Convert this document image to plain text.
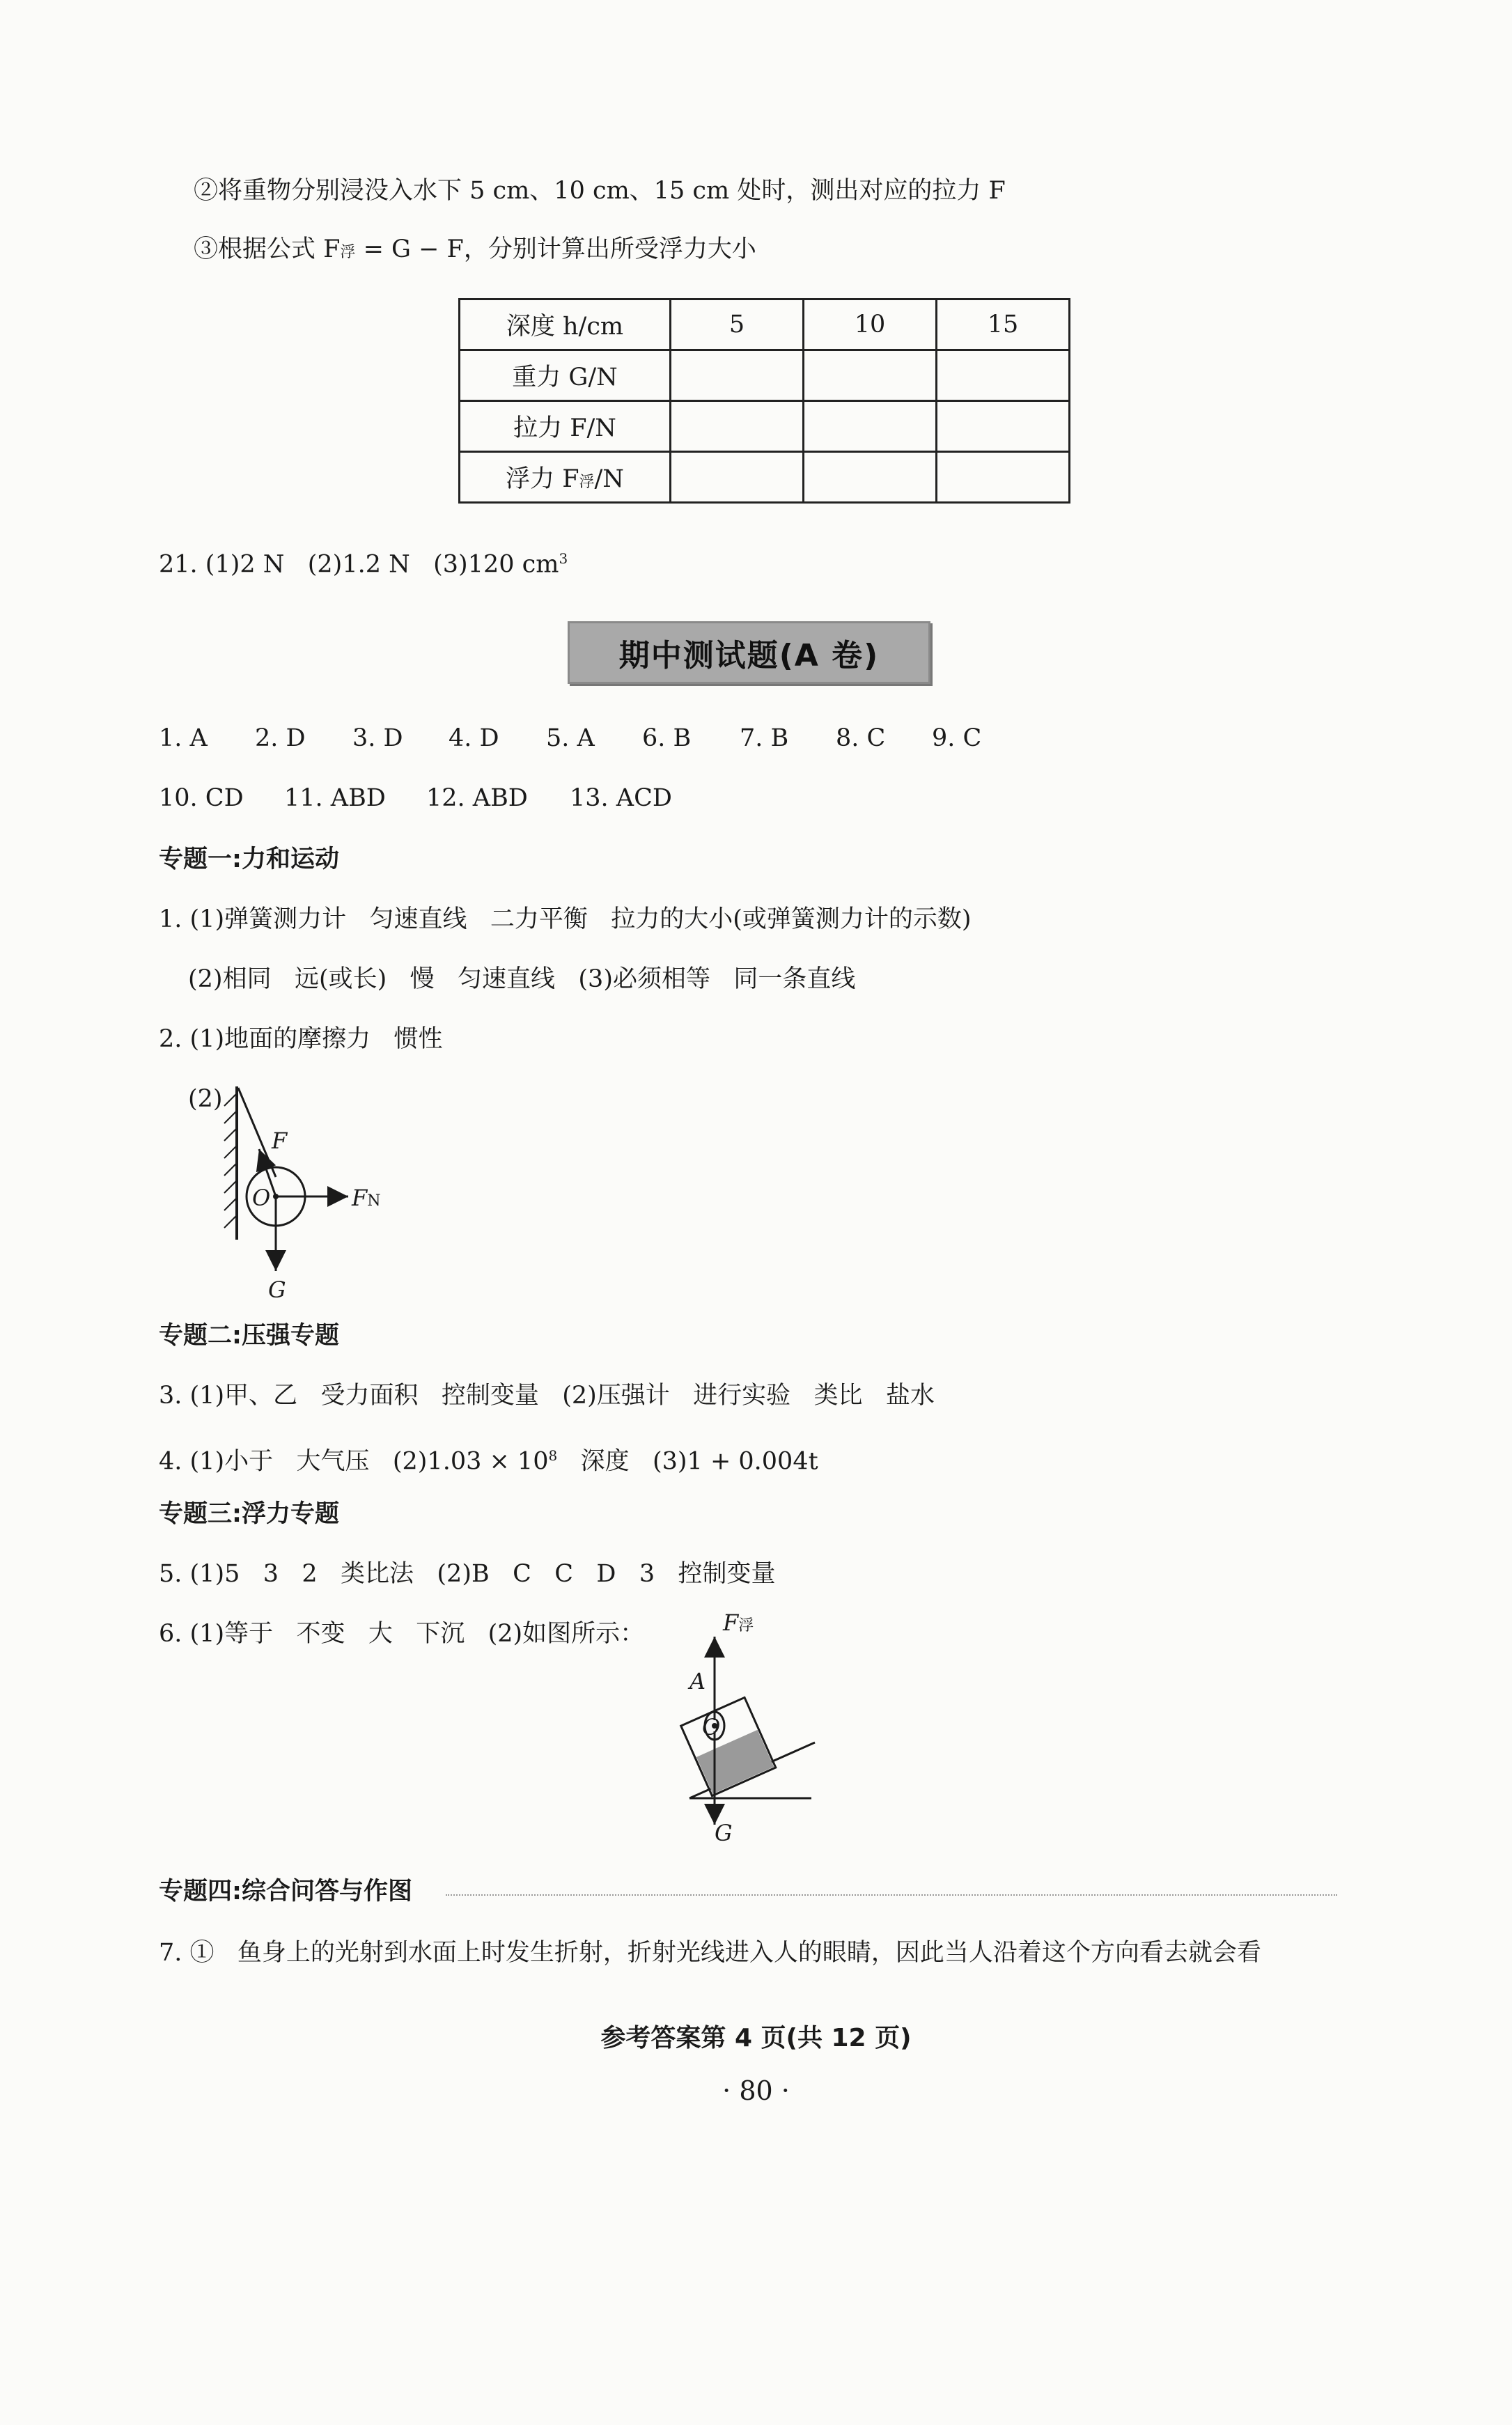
②将重物分别浸没入水下 5 cm、10 cm、15 cm 处时，测出对应的拉力 F
③根据公式 F浮 = G − F，分别计算出所受浮力大小
深度 h/cm	5	10	15
重力 G/N			
拉力 F/N			
浮力 F浮/N			
21. (1)2 N   (2)1.2 N   (3)120 $cm^3$
期中测试题(A 卷)
1. A 2. D 3. D 4. D 5. A 6. B 7. B 8. C 9. C
10. CD 11. ABD 12. ABD 13. ACD
专题一:力和运动
1. (1)弹簧测力计   匀速直线   二力平衡   拉力的大小(或弹簧测力计的示数)
(2)相同   远(或长)   慢   匀速直线   (3)必须相等   同一条直线
2. (1)地面的摩擦力   惯性
(2)
F
O	FN
G
专题二:压强专题
3. (1)甲、乙   受力面积   控制变量   (2)压强计   进行实验   类比   盐水
4. (1)小于   大气压   $(2)1.03 \times 10^8$   深度   (3)1 + 0.004t
专题三:浮力专题
5. (1)5   3   2   类比法   (2)B   C   C   D   3   控制变量
6. (1)等于   不变   大   下沉   (2)如图所示：	F浮
A
O
G
专题四:综合问答与作图
7. ①   鱼身上的光射到水面上时发生折射，折射光线进入人的眼睛，因此当人沿着这个方向看去就会看
参考答案第 4 页(共 12 页)
· 80 ·
